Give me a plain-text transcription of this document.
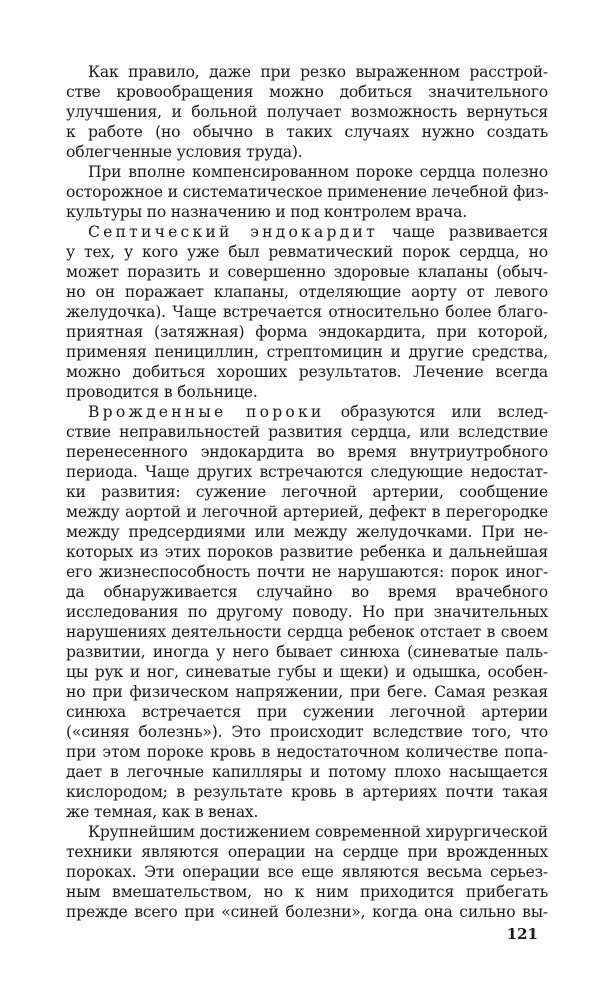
Как правило, даже при резко выраженном расстрой-
стве кровообращения можно добиться значительного
улучшения, и больной получает возможность вернуться
к работе (но обычно в таких случаях нужно создать
облегченные условия труда).
При вполне компенсированном пороке сердца полезно
осторожное и систематическое применение лечебной физ-
культуры по назначению и под контролем врача.
Септический эндокардит чаще развивается
у тех, у кого уже был ревматический порок сердца, но
может поразить и совершенно здоровые клапаны (обыч-
но он поражает клапаны, отделяющие аорту от левого
желудочка). Чаще встречается относительно более благо-
приятная (затяжная) форма эндокардита, при которой,
применяя пенициллин, стрептомицин и другие средства,
можно добиться хороших результатов. Лечение всегда
проводится в больнице.
Врожденные пороки образуются или вслед-
ствие неправильностей развития сердца, или вследствие
перенесенного эндокардита во время внутриутробного
периода. Чаще других встречаются следующие недостат-
ки развития: сужение легочной артерии, сообщение
между аортой и легочной артерией, дефект в перегородке
между предсердиями или между желудочками. При не-
которых из этих пороков развитие ребенка и дальнейшая
его жизнеспособность почти не нарушаются: порок иног-
да обнаруживается случайно во время врачебного
исследования по другому поводу. Но при значительных
нарушениях деятельности сердца ребенок отстает в своем
развитии, иногда у него бывает синюха (синеватые паль-
цы рук и ног, синеватые губы и щеки) и одышка, особен-
но при физическом напряжении, при беге. Самая резкая
синюха встречается при сужении легочной артерии
(«синяя болезнь»). Это происходит вследствие того, что
при этом пороке кровь в недостаточном количестве попа-
дает в легочные капилляры и потому плохо насыщается
кислородом; в результате кровь в артериях почти такая
же темная, как в венах.
Крупнейшим достижением современной хирургической
техники являются операции на сердце при врожденных
пороках. Эти операции все еще являются весьма серьез-
ным вмешательством, но к ним приходится прибегать
прежде всего при «синей болезни», когда она сильно вы-
121
